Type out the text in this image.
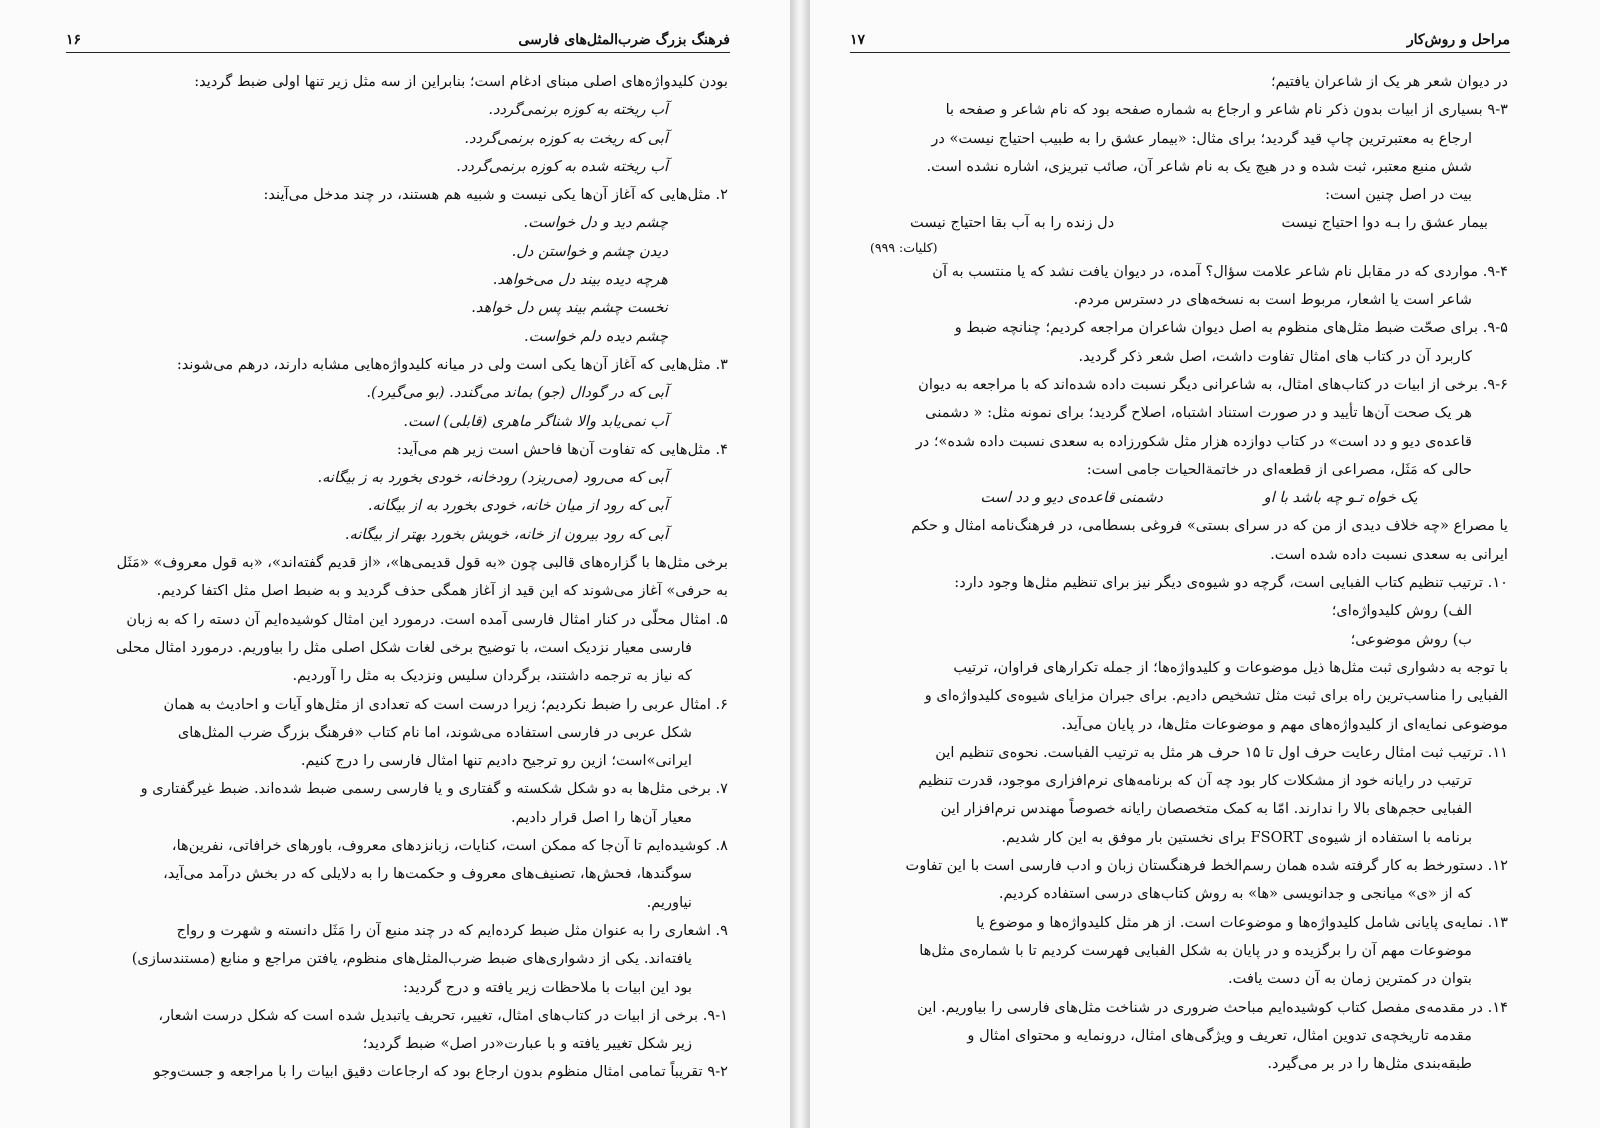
فرهنگ بزرگ ضرب‌المثل‌های فارسی
۱۶
بودن کلیدواژه‌های اصلی مبنای ادغام است؛ بنابراین از سه مثل زیر تنها اولی ضبط گردید:
آب ریخته به کوزه برنمی‌گردد.
آبی که ریخت به کوزه برنمی‌گردد.
آب ریخته شده به کوزه برنمی‌گردد.
۲. مثل‌هایی که آغاز آن‌ها یکی نیست و شبیه هم هستند، در چند مدخل می‌آیند:
چشم دید و دل خواست.
دیدن چشم و خواستن دل.
هرچه دیده بیند دل می‌خواهد.
نخست چشم بیند پس دل خواهد.
چشم دیده دلم خواست.
۳. مثل‌هایی که آغاز آن‌ها یکی است ولی در میانه کلیدواژه‌هایی مشابه دارند، درهم می‌شوند:
آبی که در گودال (جو) بماند می‌گندد. (بو می‌گیرد).
آب نمی‌یابد والا شناگر ماهری (قابلی) است.
۴. مثل‌هایی که تفاوت آن‌ها فاحش است زیر هم می‌آید:
آبی که می‌رود (می‌ریزد) رودخانه، خودی بخورد به ز بیگانه.
آبی که رود از میان خانه، خودی بخورد به از بیگانه.
آبی که رود بیرون از خانه، خویش بخورد بهتر از بیگانه.
برخی مثل‌ها با گزاره‌های قالبی چون «به قول قدیمی‌ها»، «از قدیم گفته‌اند»، «به قول معروف» «مَثَل
به حرفی» آغاز می‌شوند که این قید از آغاز همگی حذف گردید و به ضبط اصل مثل اکتفا کردیم.
۵. امثال محلّی در کنار امثال فارسی آمده است. درمورد این امثال کوشیده‌ایم آن دسته را که به زبان
فارسی معیار نزدیک است، با توضیح برخی لغات شکل اصلی مثل را بیاوریم. درمورد امثال محلی
که نیاز به ترجمه داشتند، برگردان سلیس ونزدیک به مثل را آوردیم.
۶. امثال عربی را ضبط نکردیم؛ زیرا درست است که تعدادی از مثل‌هاو آیات و احادیث به همان
شکل عربی در فارسی استفاده می‌شوند، اما نام کتاب «فرهنگ بزرگ ضرب المثل‌های
ایرانی»است؛ ازین رو ترجیح دادیم تنها امثال فارسی را درج کنیم.
۷. برخی مثل‌ها به دو شکل شکسته و گفتاری و یا فارسی رسمی ضبط شده‌اند. ضبط غیرگفتاری و
معیار آن‌ها را اصل قرار دادیم.
۸. کوشیده‌ایم تا آن‌جا که ممکن است، کنایات، زبانزدهای معروف، باورهای خرافاتی، نفرین‌ها،
سوگندها، فحش‌ها، تصنیف‌های معروف و حکمت‌ها را به دلایلی که در بخش درآمد می‌آید،
نیاوریم.
۹. اشعاری را به عنوان مثل ضبط کرده‌ایم که در چند منبع آن را مَثَل دانسته و شهرت و رواج
یافته‌اند. یکی از دشواری‌های ضبط ضرب‌المثل‌های منظوم، یافتن مراجع و منابع (مستندسازی)
بود این ابیات با ملاحظات زیر یافته و درج گردید:
۹-۱. برخی از ابیات در کتاب‌های امثال، تغییر، تحریف یاتبدیل شده است که شکل درست اشعار،
زیر شکل تغییر یافته و با عبارت«در اصل» ضبط گردید؛
۹-۲ تقریباً تمامی امثال منظوم بدون ارجاع بود که ارجاعات دقیق ابیات را با مراجعه و جست‌وجو
مراحل و روش‌کار
۱۷
در دیوان شعر هر یک از شاعران یافتیم؛
۹-۳ بسیاری از ابیات بدون ذکر نام شاعر و ارجاع به شماره صفحه بود که نام شاعر و صفحه با
ارجاع به معتبرترین چاپ قید گردید؛ برای مثال: «بیمار عشق را به طبیب احتیاج نیست» در
شش منبع معتبر، ثبت شده و در هیچ یک به نام شاعر آن، صائب تبریزی، اشاره نشده است.
بیت در اصل چنین است:
بیمار عشق را بـه دوا احتیاج نیست
دل زنده را به آب بقا احتیاج نیست
(کلیات: ۹۹۹)
۹-۴. مواردی که در مقابل نام شاعر علامت سؤال؟ آمده، در دیوان یافت نشد که یا منتسب به آن
شاعر است یا اشعار، مربوط است به نسخه‌های در دسترس مردم.
۹-۵. برای صحّت ضبط مثل‌های منظوم به اصل دیوان شاعران مراجعه کردیم؛ چنانچه ضبط و
کاربرد آن در کتاب های امثال تفاوت داشت، اصل شعر ذکر گردید.
۹-۶. برخی از ابیات در کتاب‌های امثال، به شاعرانی دیگر نسبت داده شده‌اند که با مراجعه به دیوان
هر یک صحت آن‌ها تأیید و در صورت استناد اشتباه، اصلاح گردید؛ برای نمونه مثل: « دشمنی
قاعده‌ی دیو و دد است» در کتاب دوازده هزار مثل شکورزاده به سعدی نسبت داده شده‌»؛ در
حالی که مَثَل، مصراعی از قطعه‌ای در خاتمةالحیات جامی است:
یک خواه تـو چه باشد با او
دشمنی قاعده‌ی دیو و دد است
یا مصراع «چه خلاف دیدی از من که در سرای بستی» فروغی بسطامی، در فرهنگ‌نامه امثال و حکم
ایرانی به سعدی نسبت داده شده است.
۱۰. ترتیب تنظیم کتاب الفبایی است، گرچه دو شیوه‌ی دیگر نیز برای تنظیم مثل‌ها وجود دارد:
الف) روش کلیدواژه‌ای؛
ب) روش موضوعی؛
با توجه به دشواری ثبت مثل‌ها ذیل موضوعات و کلیدواژه‌ها؛ از جمله تکرارهای فراوان، ترتیب
الفبایی را مناسب‌ترین راه برای ثبت مثل تشخیص دادیم. برای جبران مزایای شیوه‌ی کلیدواژه‌ای و
موضوعی نمایه‌ای از کلیدواژه‌های مهم و موضوعات مثل‌ها، در پایان می‌آید.
۱۱. ترتیب ثبت امثال رعایت حرف اول تا ۱۵ حرف هر مثل به ترتیب الفباست. نحوه‌ی تنظیم این
ترتیب در رایانه خود از مشکلات کار بود چه آن که برنامه‌های نرم‌افزاری موجود، قدرت تنظیم
الفبایی حجم‌های بالا را ندارند. امّا به کمک متخصصان رایانه خصوصاً مهندس نرم‌افزار این
برنامه با استفاده از شیوه‌ی FSORT برای نخستین بار موفق به این کار شدیم.
۱۲. دستورخط به کار گرفته شده همان رسم‌الخط فرهنگستان زبان و ادب فارسی است با این تفاوت
که از «ی» میانجی و جدانویسی «ها» به روش کتاب‌های درسی استفاده کردیم.
۱۳. نمایه‌ی پایانی شامل کلیدواژه‌ها و موضوعات است. از هر مثل کلیدواژه‌ها و موضوع یا
موضوعات مهم آن را برگزیده و در پایان به شکل الفبایی فهرست کردیم تا با شماره‌ی مثل‌ها
بتوان در کمترین زمان به آن دست یافت.
۱۴. در مقدمه‌ی مفصل کتاب کوشیده‌ایم مباحث ضروری در شناخت مثل‌های فارسی را بیاوریم. این
مقدمه تاریخچه‌ی تدوین امثال، تعریف و ویژگی‌های امثال، درونمایه و محتوای امثال و
طبقه‌بندی مثل‌ها را در بر می‌گیرد.
